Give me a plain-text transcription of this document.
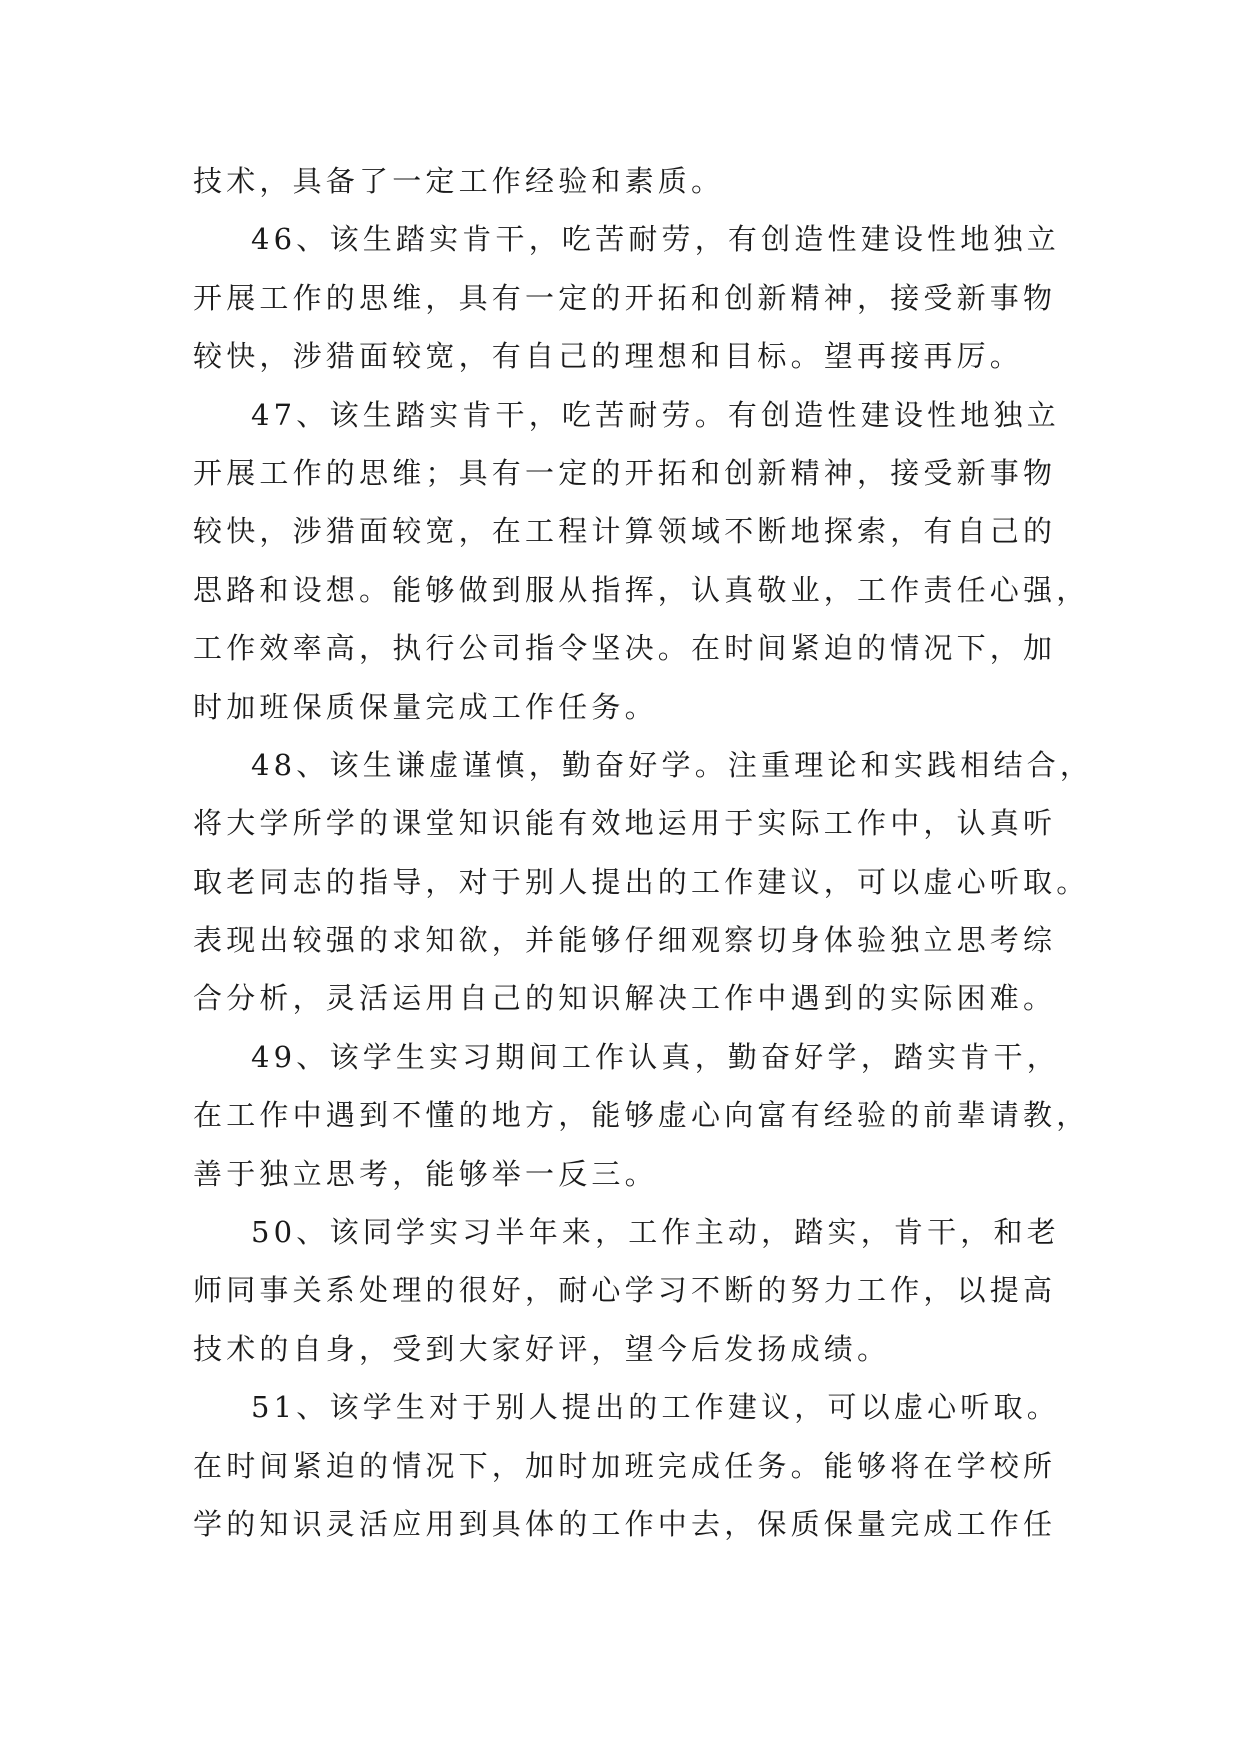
技术，具备了一定工作经验和素质。
46、该生踏实肯干，吃苦耐劳，有创造性建设性地独立
开展工作的思维，具有一定的开拓和创新精神，接受新事物
较快，涉猎面较宽，有自己的理想和目标。望再接再厉。
47、该生踏实肯干，吃苦耐劳。有创造性建设性地独立
开展工作的思维；具有一定的开拓和创新精神，接受新事物
较快，涉猎面较宽，在工程计算领域不断地探索，有自己的
思路和设想。能够做到服从指挥，认真敬业，工作责任心强，
工作效率高，执行公司指令坚决。在时间紧迫的情况下，加
时加班保质保量完成工作任务。
48、该生谦虚谨慎，勤奋好学。注重理论和实践相结合，
将大学所学的课堂知识能有效地运用于实际工作中，认真听
取老同志的指导，对于别人提出的工作建议，可以虚心听取。
表现出较强的求知欲，并能够仔细观察切身体验独立思考综
合分析，灵活运用自己的知识解决工作中遇到的实际困难。
49、该学生实习期间工作认真，勤奋好学，踏实肯干，
在工作中遇到不懂的地方，能够虚心向富有经验的前辈请教，
善于独立思考，能够举一反三。
50、该同学实习半年来，工作主动，踏实，肯干，和老
师同事关系处理的很好，耐心学习不断的努力工作，以提高
技术的自身，受到大家好评，望今后发扬成绩。
51、该学生对于别人提出的工作建议，可以虚心听取。
在时间紧迫的情况下，加时加班完成任务。能够将在学校所
学的知识灵活应用到具体的工作中去，保质保量完成工作任
